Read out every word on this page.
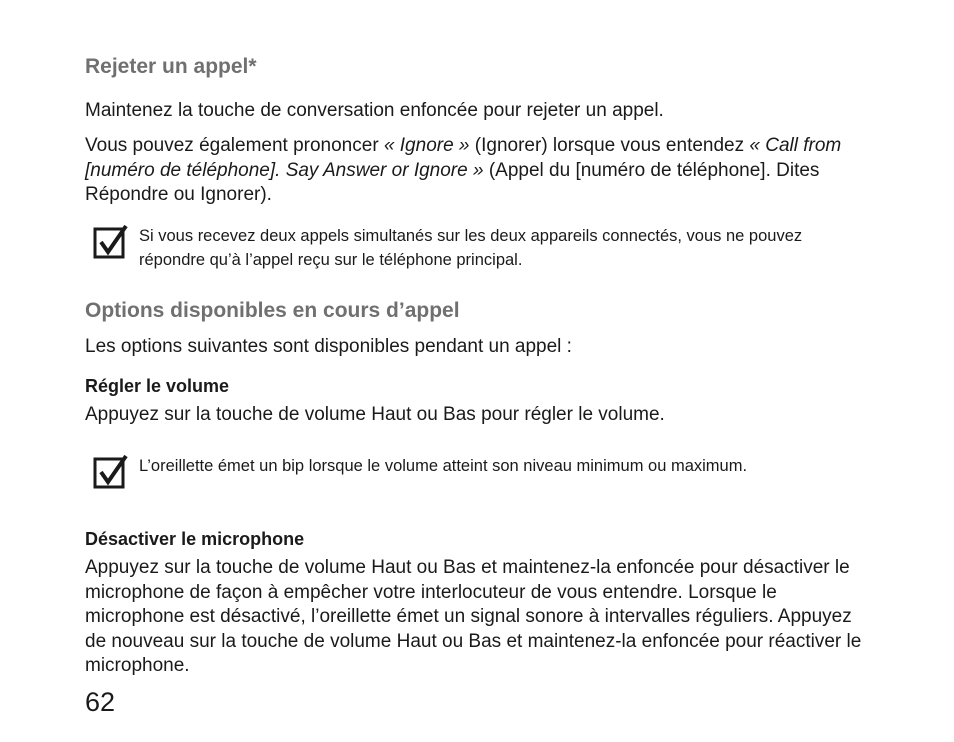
Rejeter un appel*

Maintenez la touche de conversation enfoncée pour rejeter un appel.

Vous pouvez également prononcer « Ignore » (Ignorer) lorsque vous entendez « Call from [numéro de téléphone]. Say Answer or Ignore » (Appel du [numéro de téléphone]. Dites Répondre ou Ignorer).

Si vous recevez deux appels simultanés sur les deux appareils connectés, vous ne pouvez répondre qu’à l’appel reçu sur le téléphone principal.
Options disponibles en cours d’appel

Les options suivantes sont disponibles pendant un appel :

Régler le volume

Appuyez sur la touche de volume Haut ou Bas pour régler le volume.

L’oreillette émet un bip lorsque le volume atteint son niveau minimum ou maximum.
Désactiver le microphone

Appuyez sur la touche de volume Haut ou Bas et maintenez-la enfoncée pour désactiver le microphone de façon à empêcher votre interlocuteur de vous entendre. Lorsque le microphone est désactivé, l’oreillette émet un signal sonore à intervalles réguliers. Appuyez de nouveau sur la touche de volume Haut ou Bas et maintenez-la enfoncée pour réactiver le microphone.

62
